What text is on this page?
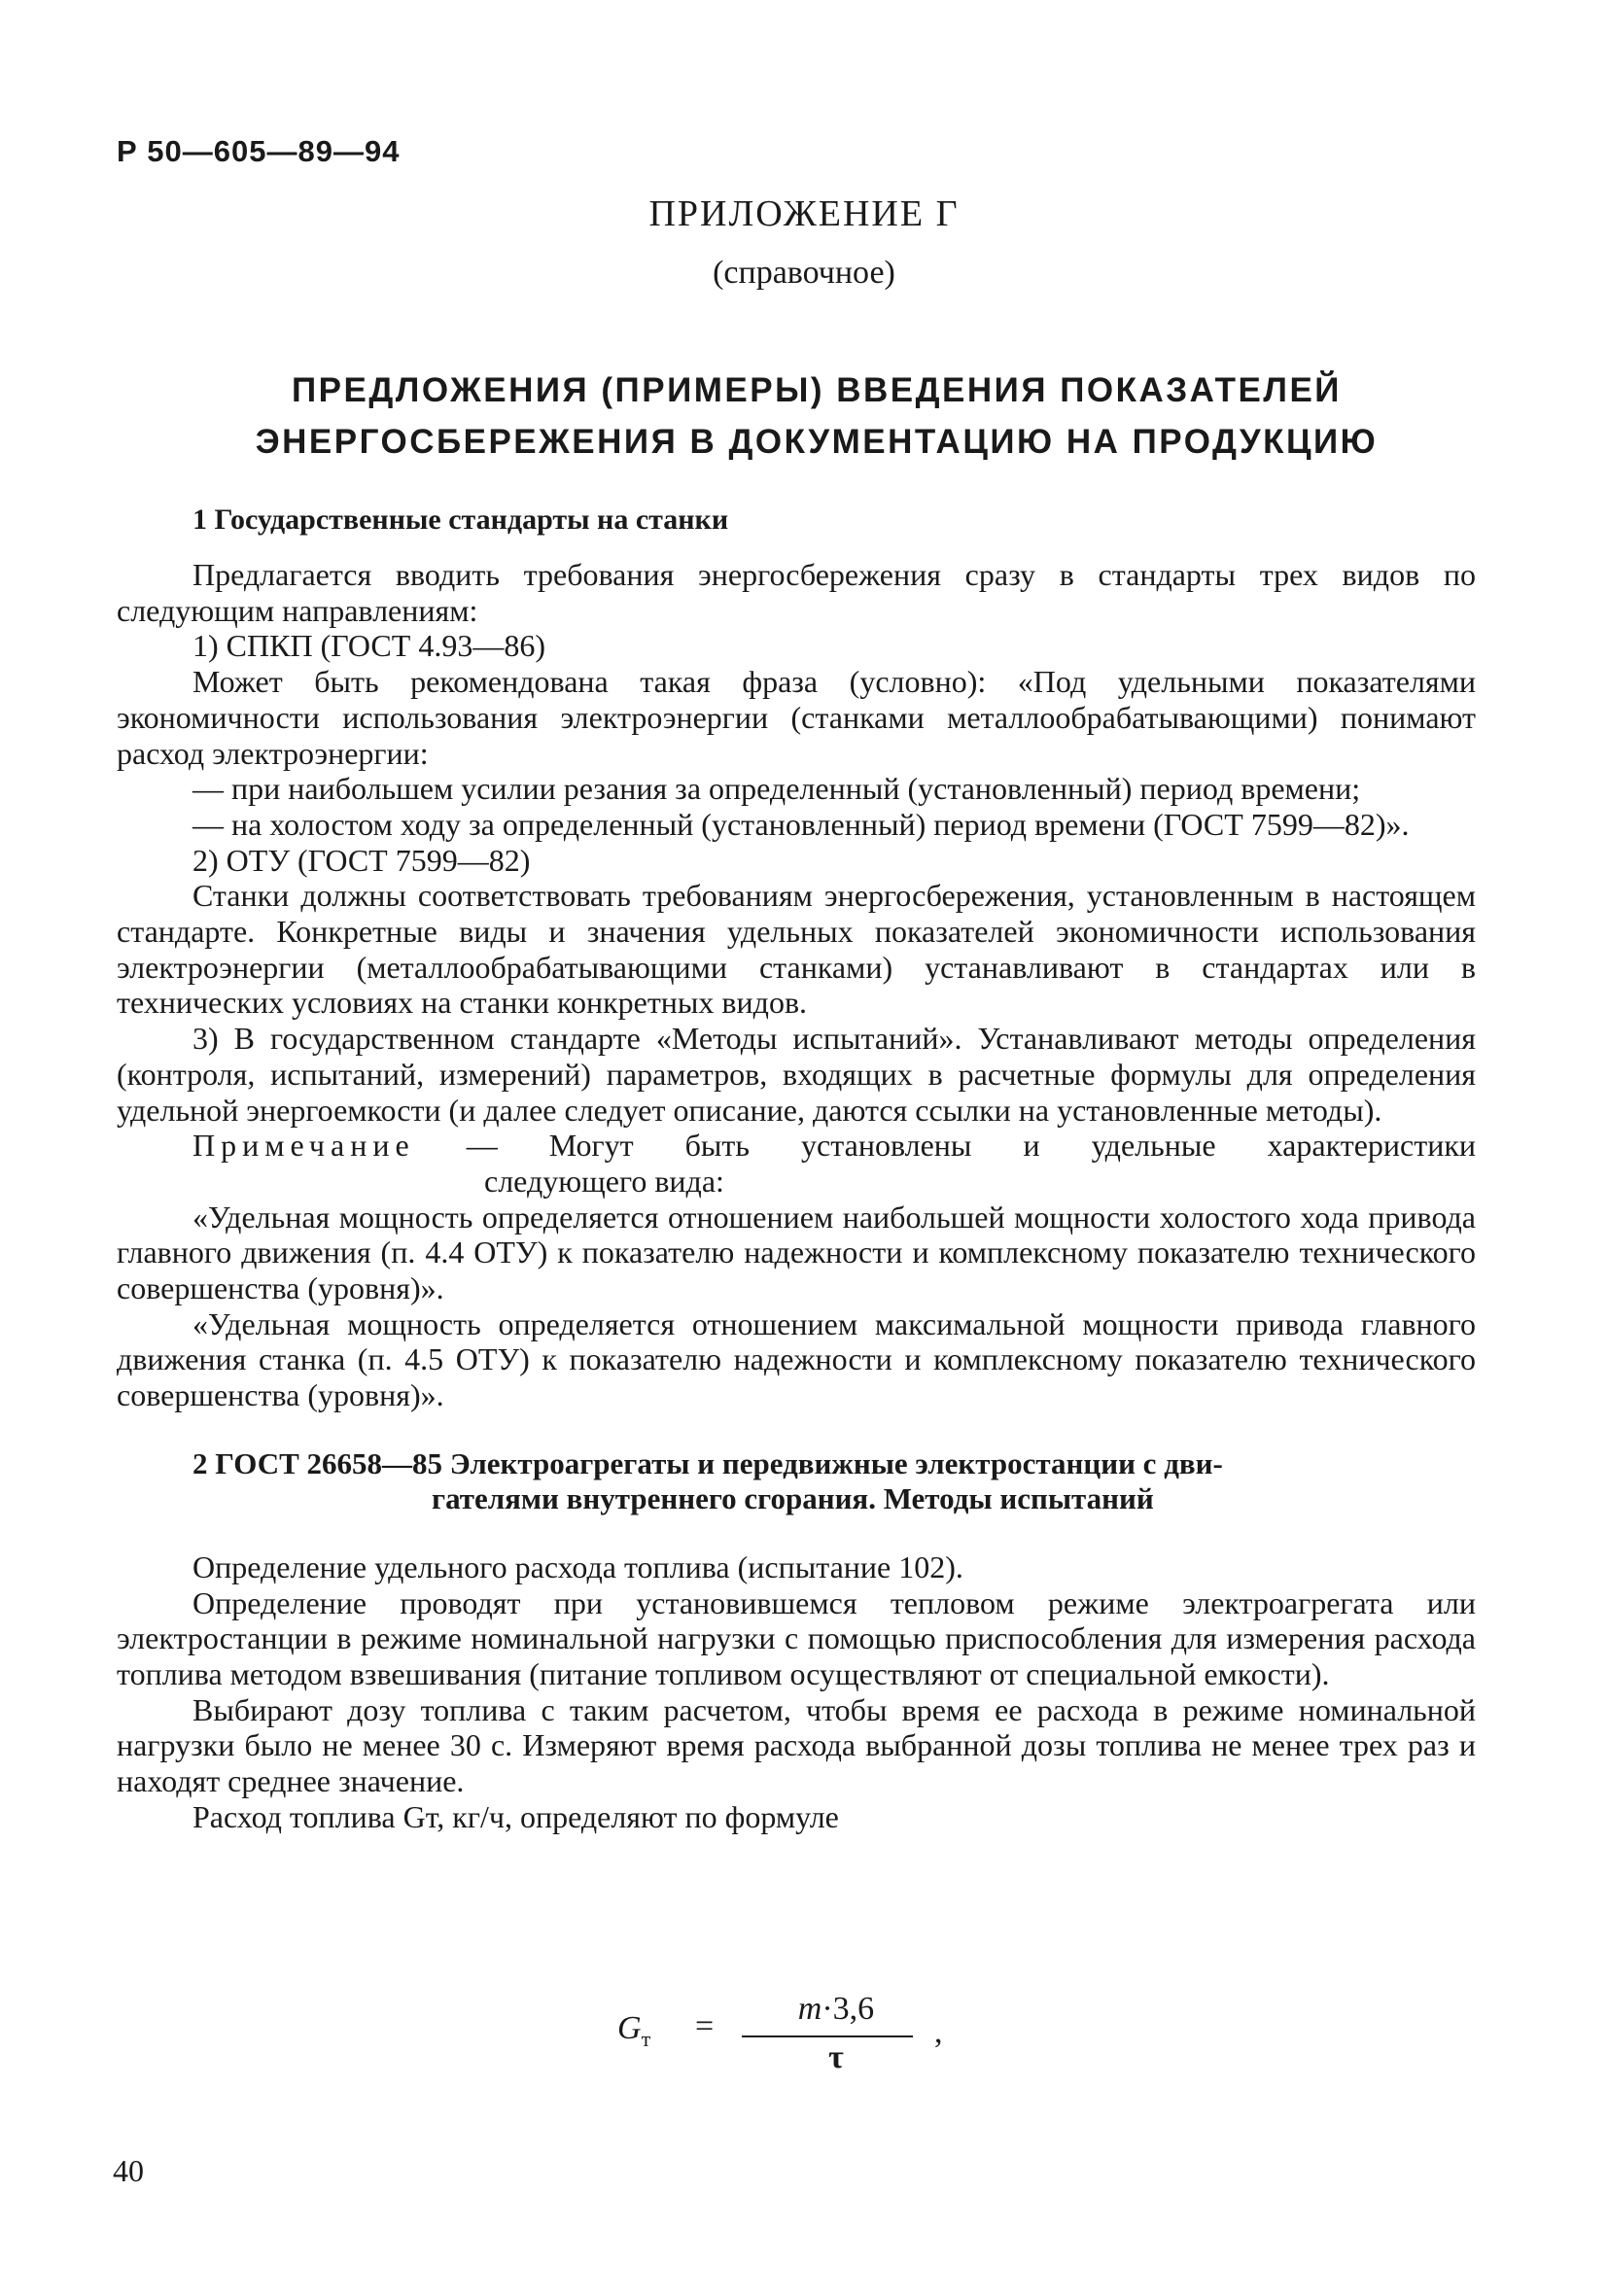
Р 50—605—89—94
ПРИЛОЖЕНИЕ Г
(справочное)
ПРЕДЛОЖЕНИЯ (ПРИМЕРЫ) ВВЕДЕНИЯ ПОКАЗАТЕЛЕЙ
ЭНЕРГОСБЕРЕЖЕНИЯ В ДОКУМЕНТАЦИЮ НА ПРОДУКЦИЮ
1 Государственные стандарты на станки

Предлагается вводить требования энергосбережения сразу в стандарты трех видов по следующим направлениям:

1) СПКП (ГОСТ 4.93—86)

Может быть рекомендована такая фраза (условно): «Под удельными показателями экономичности использования электроэнергии (станками металлообрабатывающими) понимают расход электроэнергии:

— при наибольшем усилии резания за определенный (установленный) период времени;

— на холостом ходу за определенный (установленный) период времени (ГОСТ 7599—82)».

2) ОТУ (ГОСТ 7599—82)

Станки должны соответствовать требованиям энергосбережения, установленным в настоящем стандарте. Конкретные виды и значения удельных показателей экономичности использования электроэнергии (металлообрабатывающими станками) устанавливают в стандартах или в технических условиях на станки конкретных видов.

3) В государственном стандарте «Методы испытаний». Устанавливают методы определения (контроля, испытаний, измерений) параметров, входящих в расчетные формулы для определения удельной энергоемкости (и далее следует описание, даются ссылки на установленные методы).

Примечание — Могут быть установлены и удельные характеристики

следующего вида:

«Удельная мощность определяется отношением наибольшей мощности холостого хода привода главного движения (п. 4.4 ОТУ) к показателю надежности и комплексному показателю технического совершенства (уровня)».

«Удельная мощность определяется отношением максимальной мощности привода главного движения станка (п. 4.5 ОТУ) к показателю надежности и комплексному показателю технического совершенства (уровня)».

2 ГОСТ 26658—85 Электроагрегаты и передвижные электростанции с дви-
гателями внутреннего сгорания. Методы испытаний

Определение удельного расхода топлива (испытание 102).

Определение проводят при установившемся тепловом режиме электроагрегата или электростанции в режиме номинальной нагрузки с помощью приспособления для измерения расхода топлива методом взвешивания (питание топливом осуществляют от специальной емкости).

Выбирают дозу топлива с таким расчетом, чтобы время ее расхода в режиме номинальной нагрузки было не менее 30 с. Измеряют время расхода выбранной дозы топлива не менее трех раз и находят среднее значение.

Расход топлива Gт, кг/ч, определяют по формуле

$G_т$ =	m·3,6
τ
,
40
